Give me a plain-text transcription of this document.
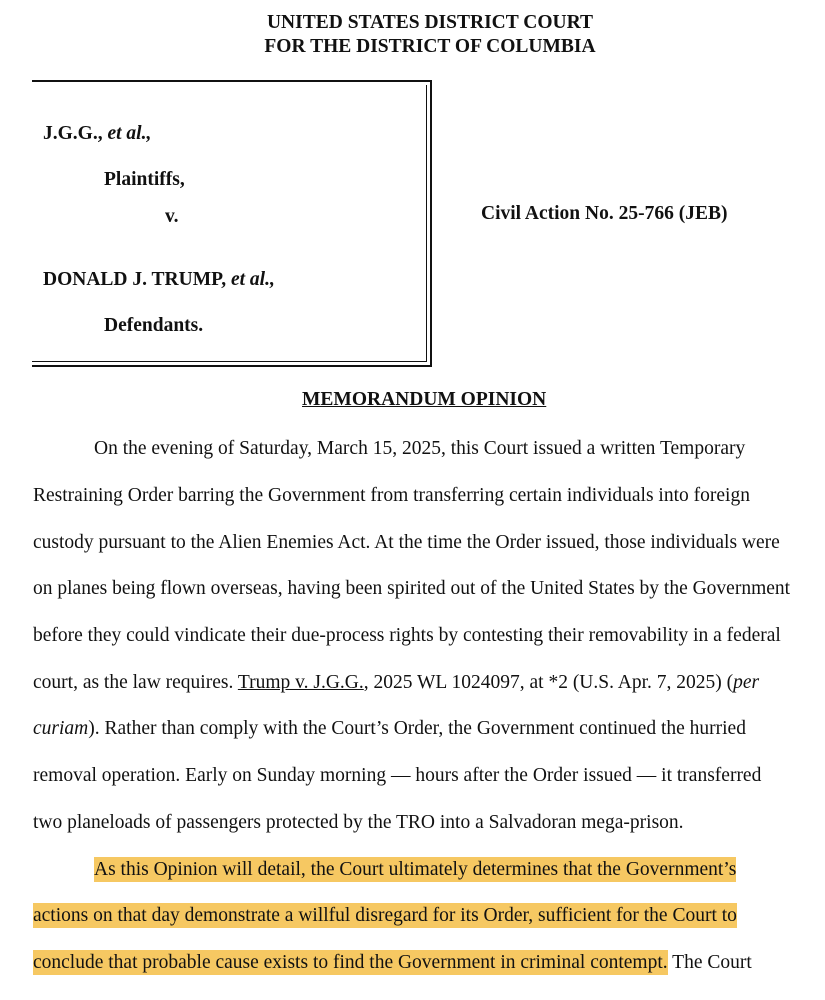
UNITED STATES DISTRICT COURT
FOR THE DISTRICT OF COLUMBIA
J.G.G., et al.,
Plaintiffs,
v.
DONALD J. TRUMP, et al.,
Defendants.
Civil Action No. 25-766 (JEB)
MEMORANDUM OPINION
On the evening of Saturday, March 15, 2025, this Court issued a written Temporary
Restraining Order barring the Government from transferring certain individuals into foreign
custody pursuant to the Alien Enemies Act. At the time the Order issued, those individuals were
on planes being flown overseas, having been spirited out of the United States by the Government
before they could vindicate their due-process rights by contesting their removability in a federal
court, as the law requires. Trump v. J.G.G., 2025 WL 1024097, at *2 (U.S. Apr. 7, 2025) (per
curiam). Rather than comply with the Court’s Order, the Government continued the hurried
removal operation. Early on Sunday morning — hours after the Order issued — it transferred
two planeloads of passengers protected by the TRO into a Salvadoran mega-prison.
As this Opinion will detail, the Court ultimately determines that the Government’s
actions on that day demonstrate a willful disregard for its Order, sufficient for the Court to
conclude that probable cause exists to find the Government in criminal contempt. The Court
